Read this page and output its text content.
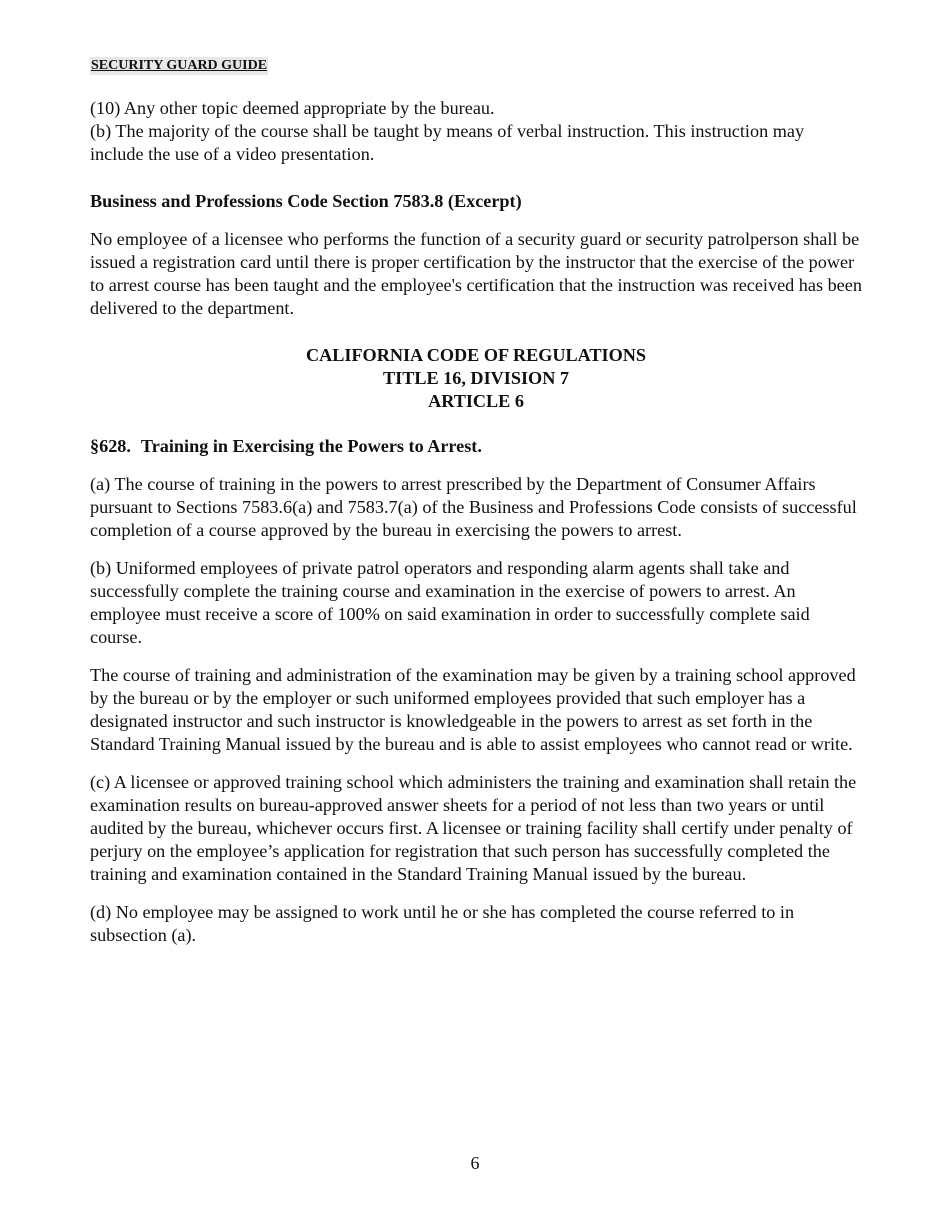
SECURITY GUARD GUIDE

(10) Any other topic deemed appropriate by the bureau.

(b) The majority of the course shall be taught by means of verbal instruction. This instruction may include the use of a video presentation.

Business and Professions Code Section 7583.8 (Excerpt)

No employee of a licensee who performs the function of a security guard or security patrolperson shall be issued a registration card until there is proper certification by the instructor that the exercise of the power to arrest course has been taught and the employee's certification that the instruction was received has been delivered to the department.

CALIFORNIA CODE OF REGULATIONS
TITLE 16, DIVISION 7
ARTICLE 6
§628. Training in Exercising the Powers to Arrest.

(a) The course of training in the powers to arrest prescribed by the Department of Consumer Affairs pursuant to Sections 7583.6(a) and 7583.7(a) of the Business and Professions Code consists of successful completion of a course approved by the bureau in exercising the powers to arrest.

(b) Uniformed employees of private patrol operators and responding alarm agents shall take and successfully complete the training course and examination in the exercise of powers to arrest. An employee must receive a score of 100% on said examination in order to successfully complete said course.

The course of training and administration of the examination may be given by a training school approved by the bureau or by the employer or such uniformed employees provided that such employer has a designated instructor and such instructor is knowledgeable in the powers to arrest as set forth in the Standard Training Manual issued by the bureau and is able to assist employees who cannot read or write.

(c) A licensee or approved training school which administers the training and examination shall retain the examination results on bureau-approved answer sheets for a period of not less than two years or until audited by the bureau, whichever occurs first. A licensee or training facility shall certify under penalty of perjury on the employee’s application for registration that such person has successfully completed the training and examination contained in the Standard Training Manual issued by the bureau.

(d) No employee may be assigned to work until he or she has completed the course referred to in subsection (a).

6
